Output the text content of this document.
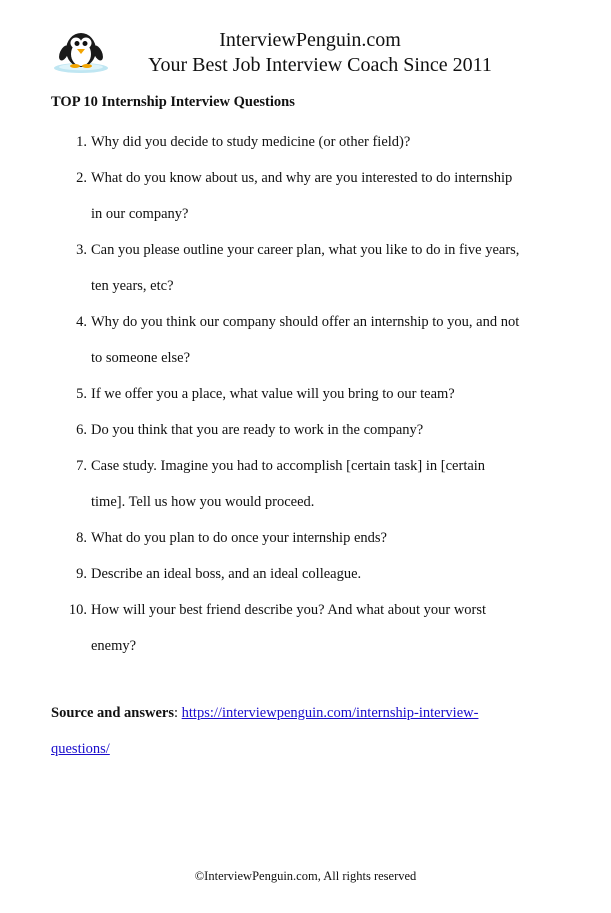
InterviewPenguin.com
Your Best Job Interview Coach Since 2011
TOP 10 Internship Interview Questions
1. Why did you decide to study medicine (or other field)?
2. What do you know about us, and why are you interested to do internship
in our company?
3. Can you please outline your career plan, what you like to do in five years,
ten years, etc?
4. Why do you think our company should offer an internship to you, and not
to someone else?
5. If we offer you a place, what value will you bring to our team?
6. Do you think that you are ready to work in the company?
7. Case study. Imagine you had to accomplish [certain task] in [certain
time]. Tell us how you would proceed.
8. What do you plan to do once your internship ends?
9. Describe an ideal boss, and an ideal colleague.
10. How will your best friend describe you? And what about your worst
enemy?
Source and answers: https://interviewpenguin.com/internship-interview-
questions/
©InterviewPenguin.com, All rights reserved
